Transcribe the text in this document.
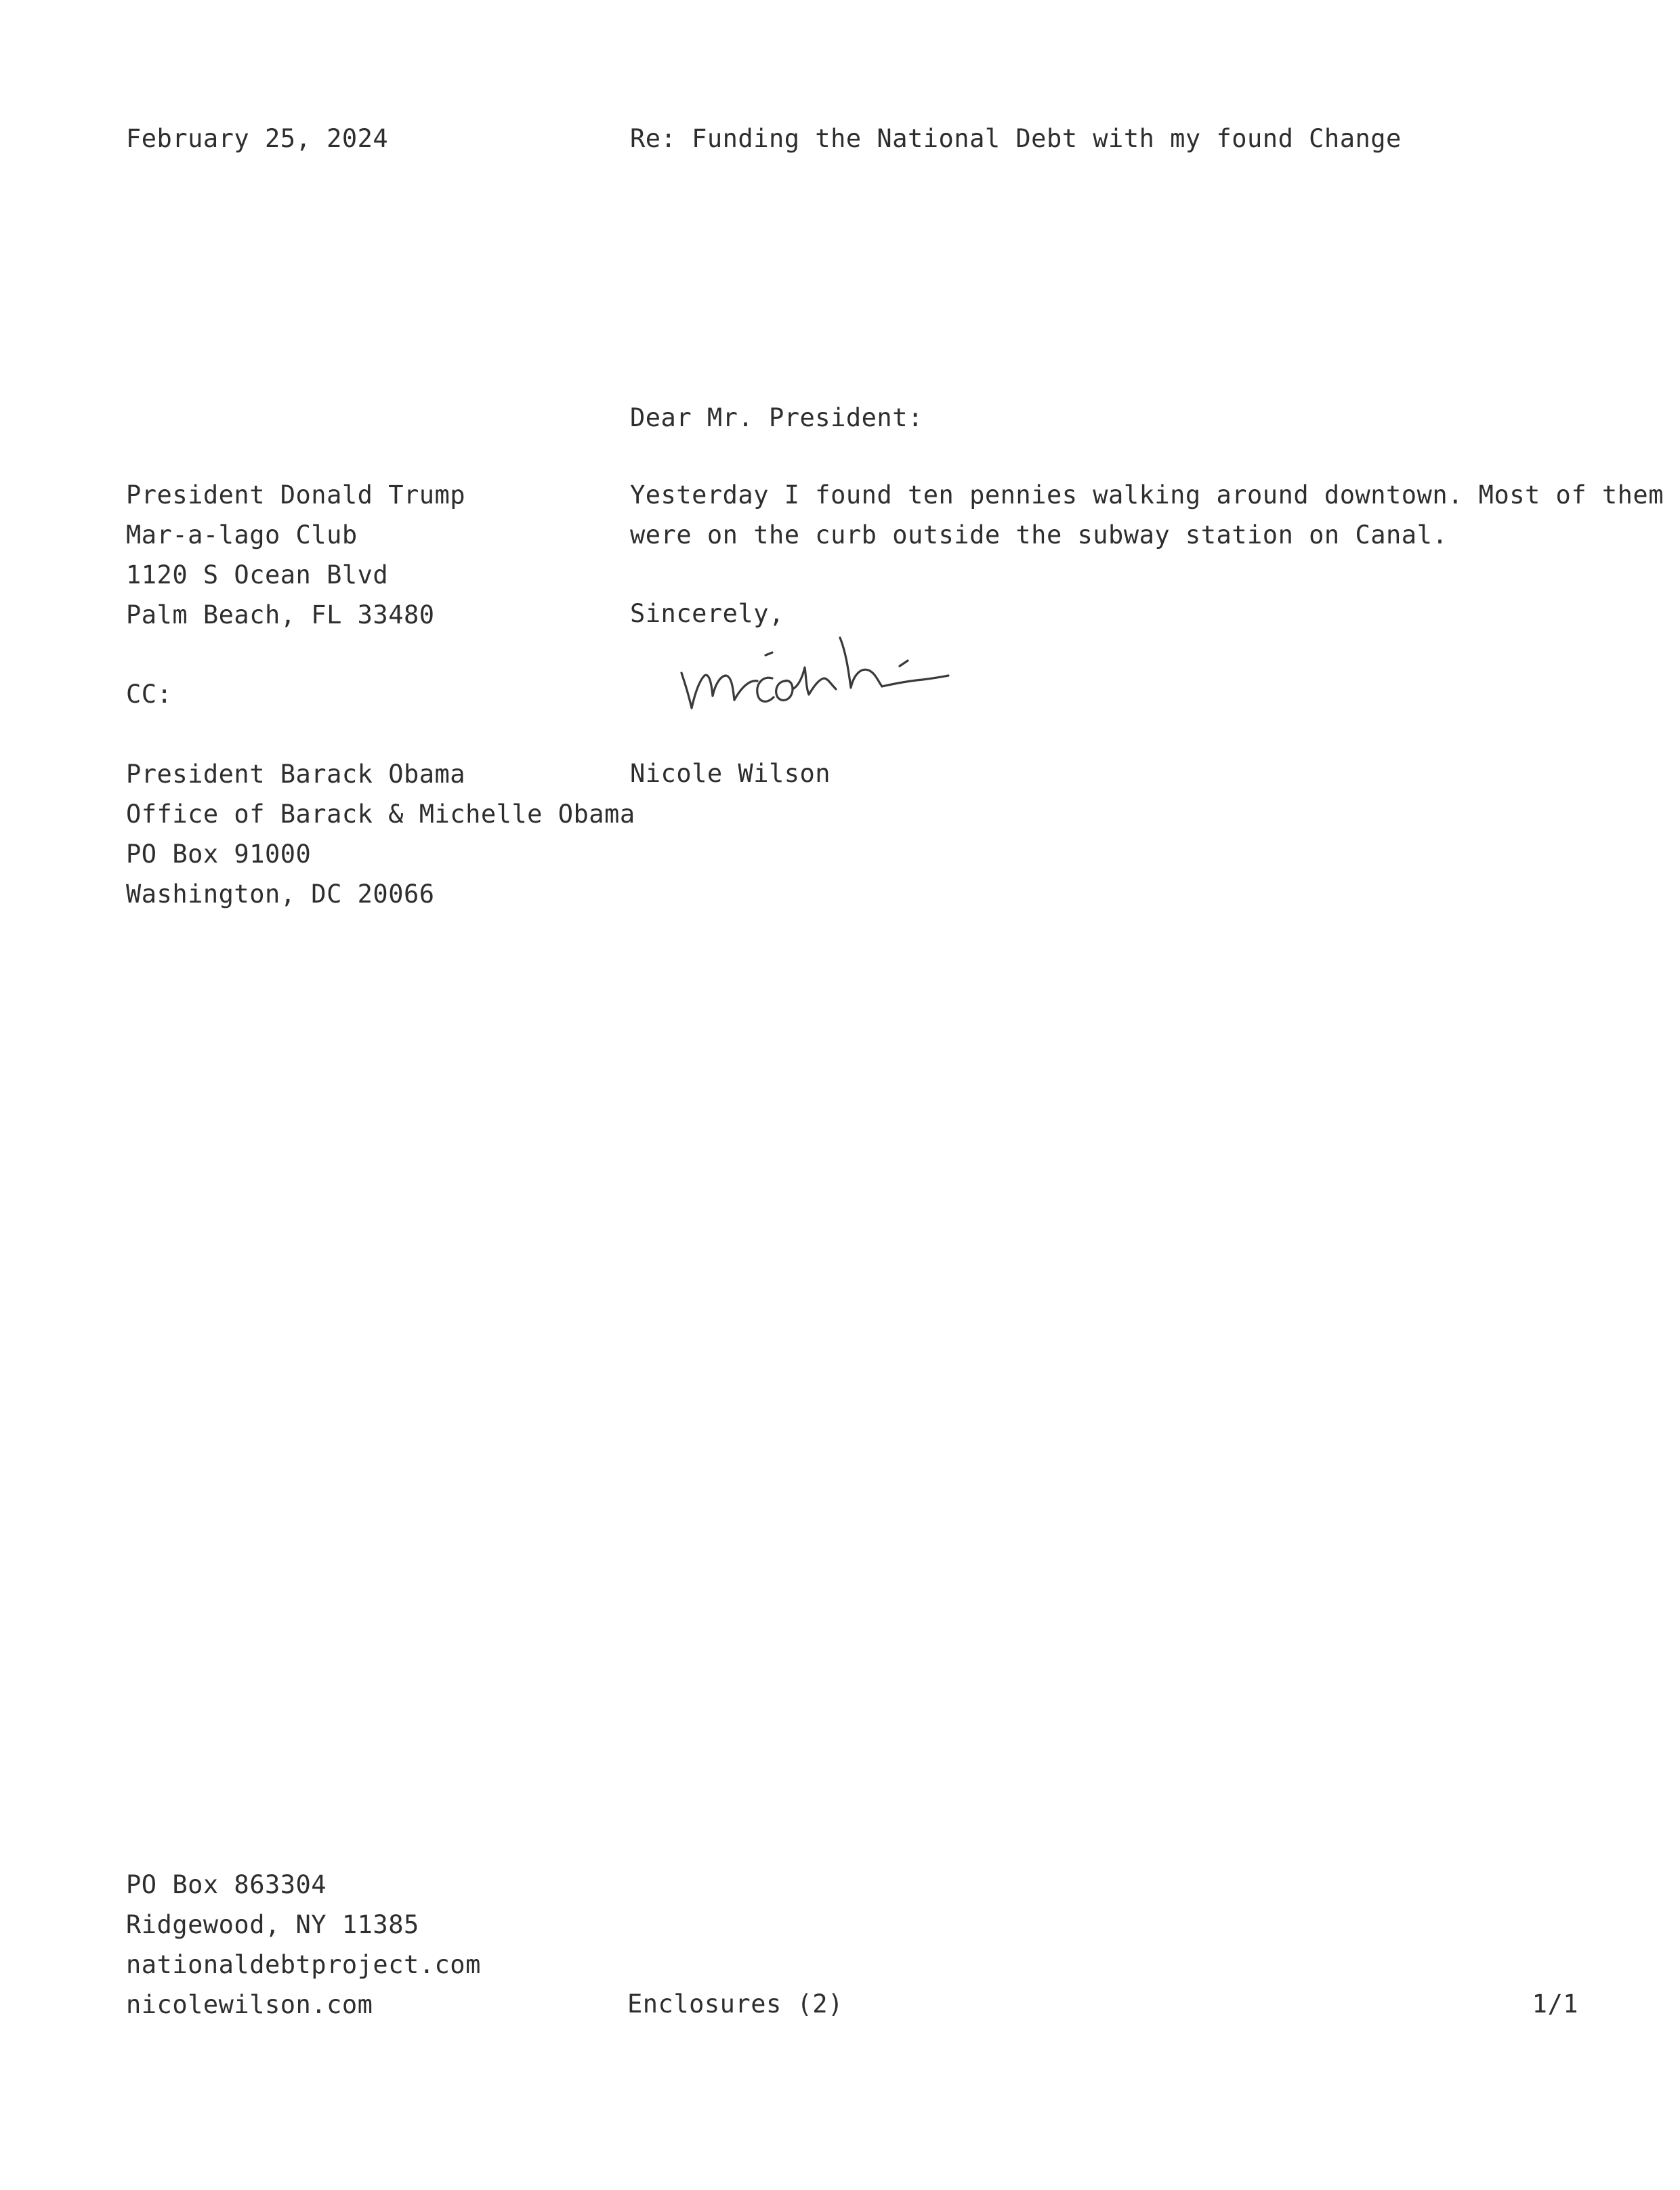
February 25, 2024	Re: Funding the National Debt with my found Change
Dear Mr. President:
President Donald Trump
Mar-a-lago Club
1120 S Ocean Blvd
Palm Beach, FL 33480
Yesterday I found ten pennies walking around downtown. Most of them
were on the curb outside the subway station on Canal.
Sincerely,
CC:
President Barack Obama
Office of Barack & Michelle Obama
PO Box 91000
Washington, DC 20066
Nicole Wilson
PO Box 863304
Ridgewood, NY 11385
nationaldebtproject.com
nicolewilson.com	Enclosures (2)	1/1
